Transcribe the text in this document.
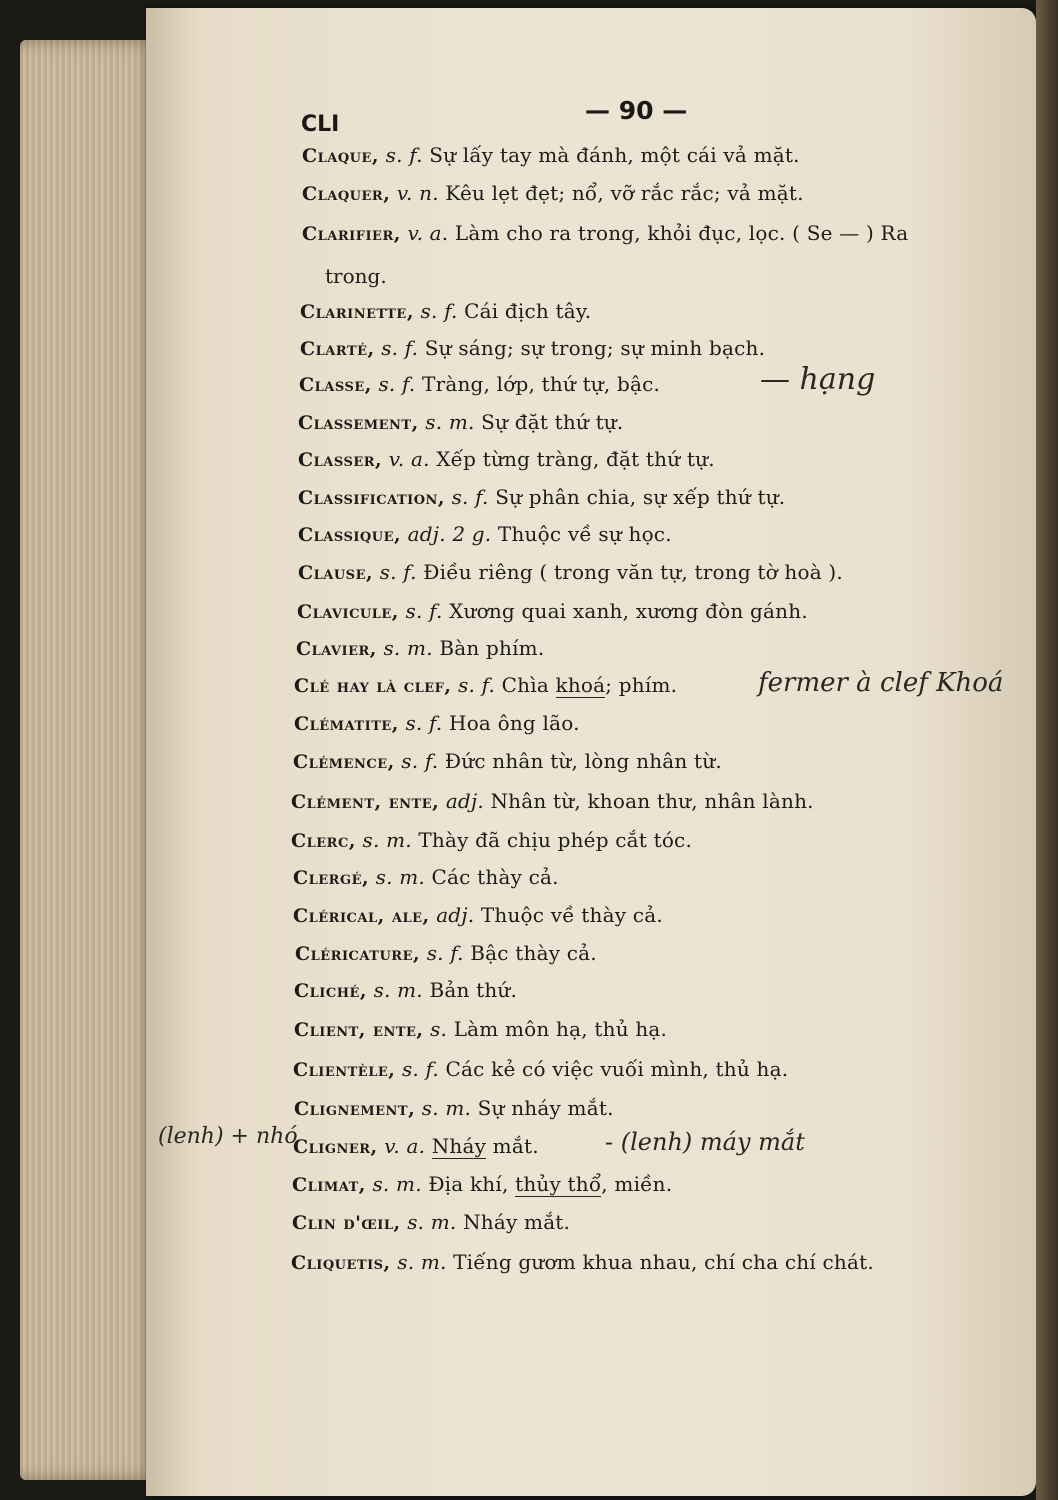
CLI	— 90 —
Claque, s. f. Sự lấy tay mà đánh, một cái vả mặt.
Claquer, v. n. Kêu lẹt đẹt; nổ, vỡ rắc rắc; vả mặt.
Clarifier, v. a. Làm cho ra trong, khỏi đục, lọc. ( Se — ) Ra
Clarinette, s. f. Cái địch tây.
Clarté, s. f. Sự sáng; sự trong; sự minh bạch.
Classe, s. f. Tràng, lớp, thứ tự, bậc.
Classement, s. m. Sự đặt thứ tự.
Classer, v. a. Xếp từng tràng, đặt thứ tự.
Classification, s. f. Sự phân chia, sự xếp thứ tự.
Classique, adj. 2 g. Thuộc về sự học.
Clause, s. f. Điều riêng ( trong văn tự, trong tờ hoà ).
Clavicule, s. f. Xương quai xanh, xương đòn gánh.
Clavier, s. m. Bàn phím.
Clé hay là clef, s. f. Chìa khoá; phím.
Clématite, s. f. Hoa ông lão.
Clémence, s. f. Đức nhân từ, lòng nhân từ.
Clément, ente, adj. Nhân từ, khoan thư, nhân lành.
Clerc, s. m. Thày đã chịu phép cắt tóc.
Clergé, s. m. Các thày cả.
Clérical, ale, adj. Thuộc về thày cả.
Cléricature, s. f. Bậc thày cả.
Cliché, s. m. Bản thứ.
Client, ente, s. Làm môn hạ, thủ hạ.
Clientèle, s. f. Các kẻ có việc vuối mình, thủ hạ.
Clignement, s. m. Sự nháy mắt.
Cligner, v. a. Nháy mắt.
Climat, s. m. Địa khí, thủy thổ, miền.
Clin d'œil, s. m. Nháy mắt.
Cliquetis, s. m. Tiếng gươm khua nhau, chí cha chí chát.
trong.
— hạng
fermer à clef Khoá
(lenh) + nhó	- (lenh) máy mắt
